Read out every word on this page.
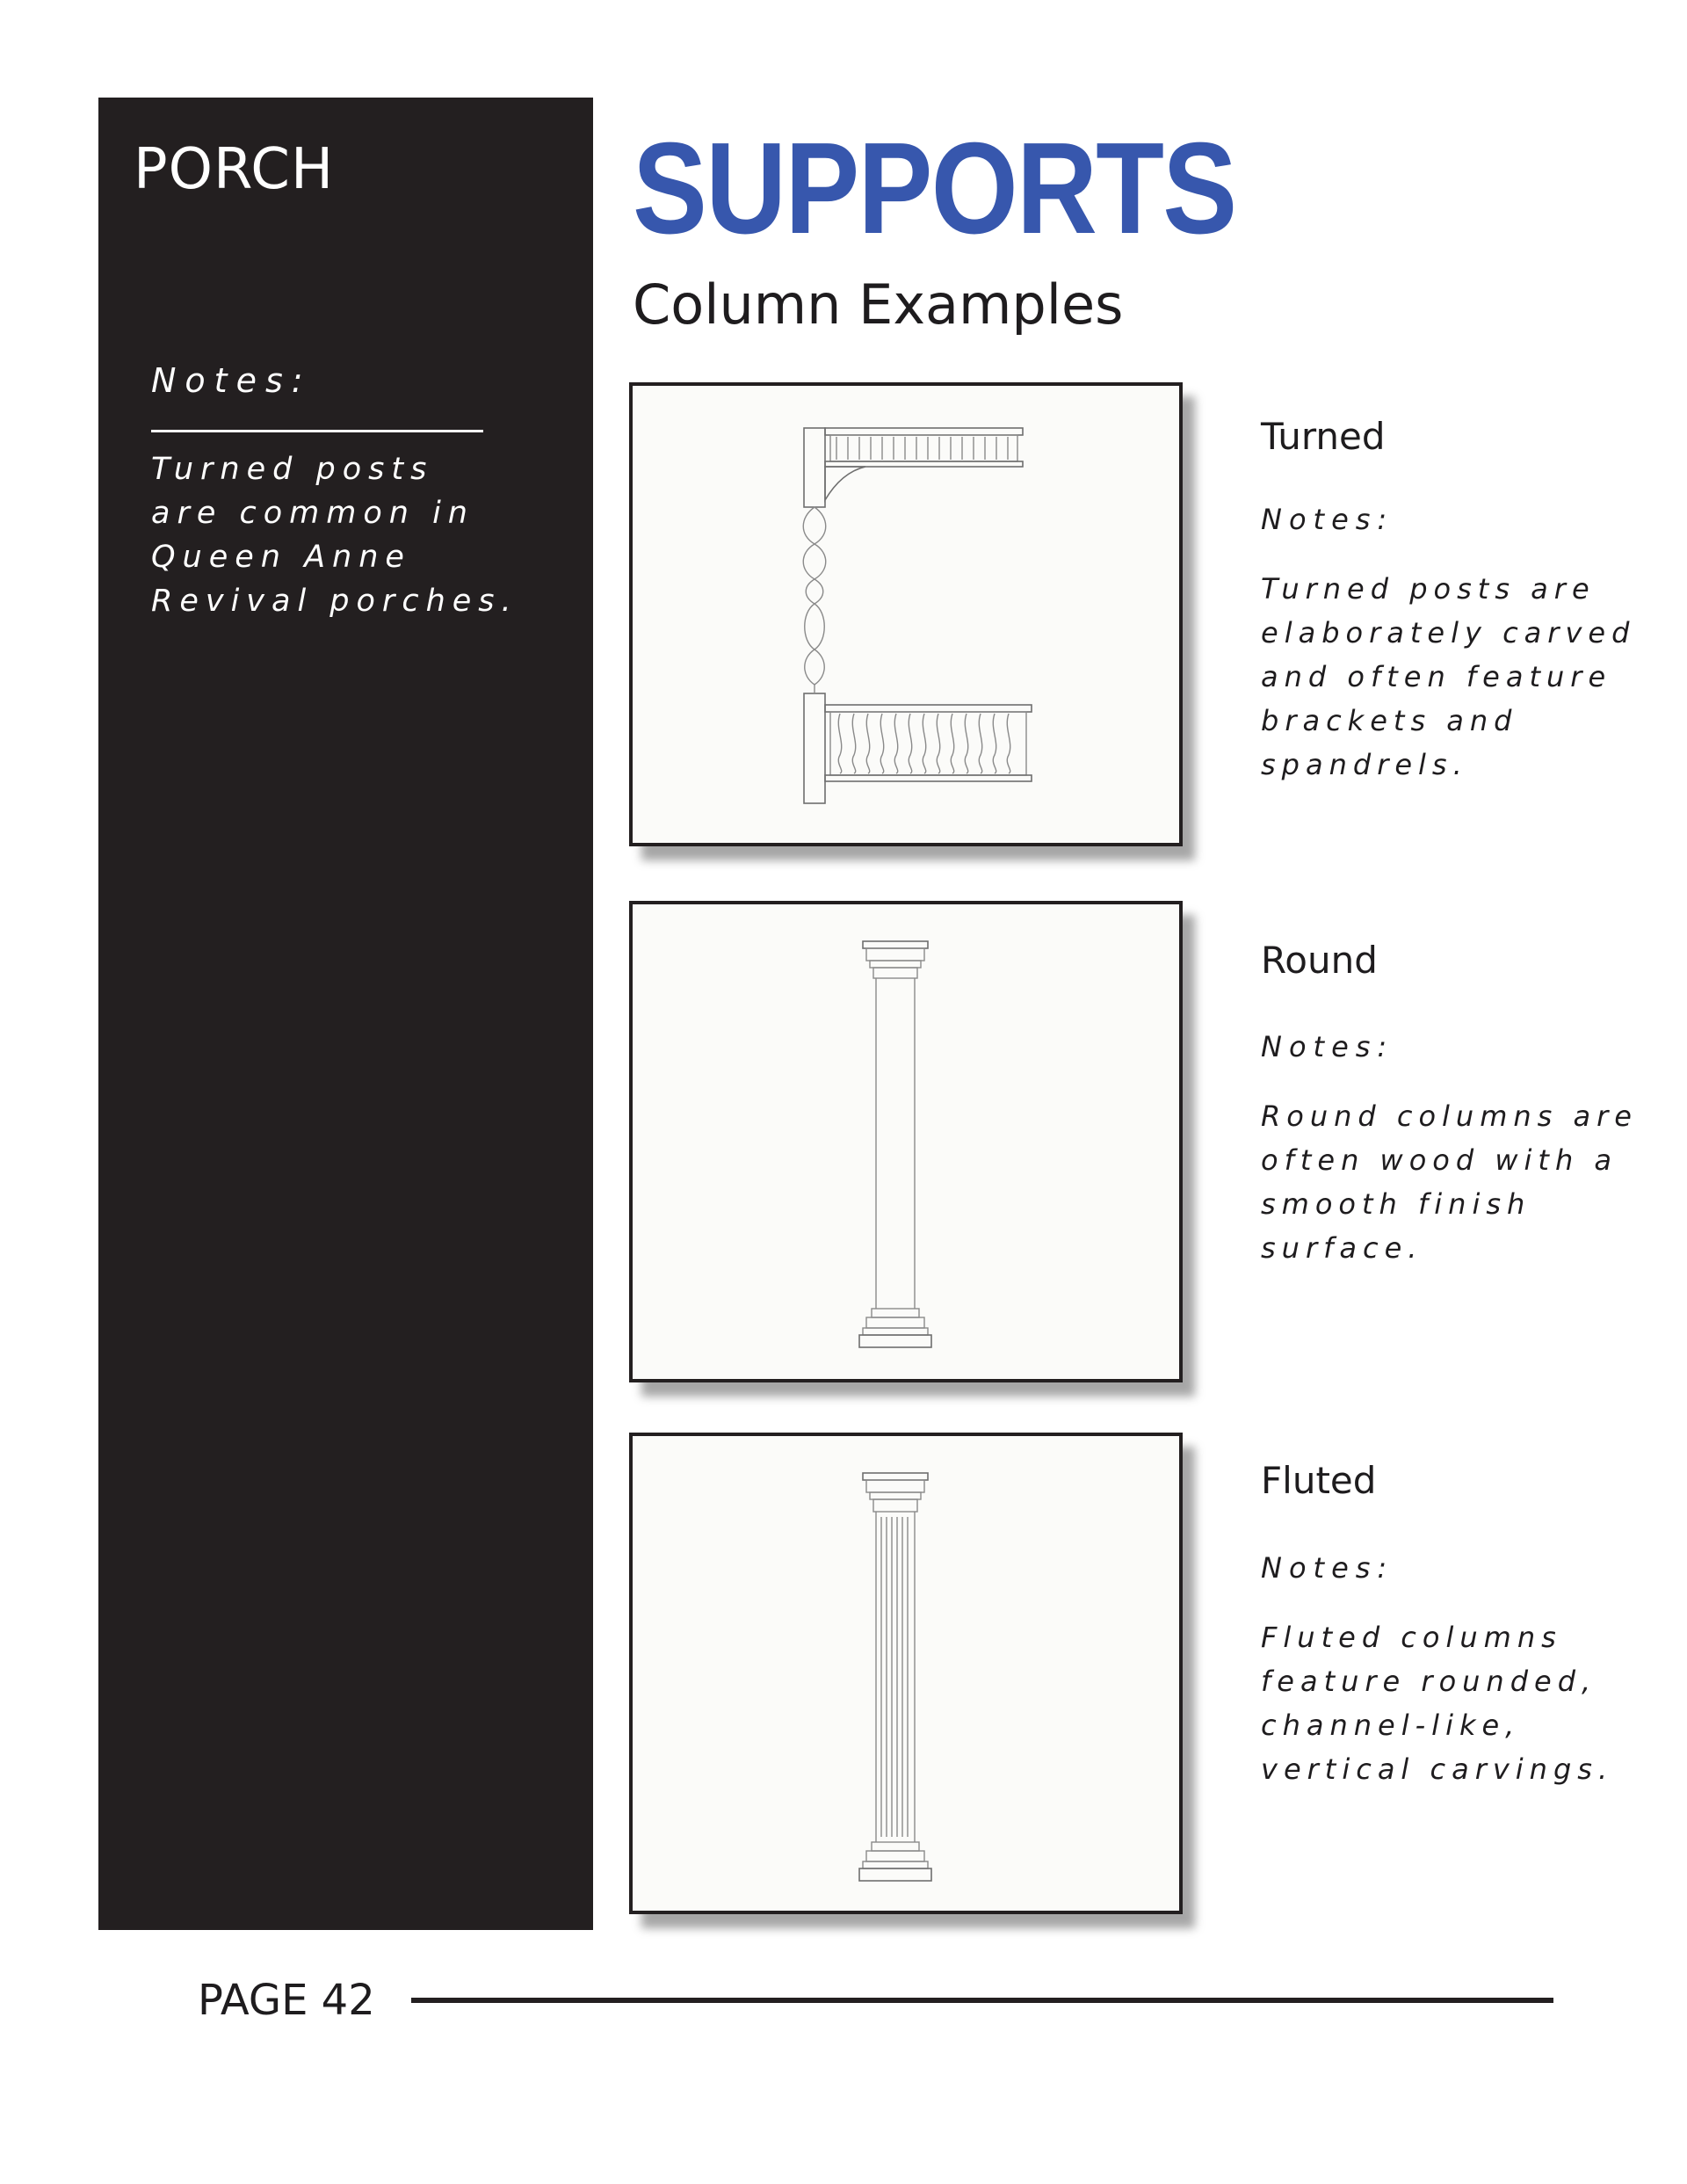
PORCH
Notes:
Turned posts are common in Queen Anne Revival porches.
SUPPORTS
Column Examples
Turned
Notes:
Turned posts are elaborately carved and often feature brackets and spandrels.
Round
Notes:
Round columns are often wood with a smooth finish surface.
Fluted
Notes:
Fluted columns feature rounded, channel-like, vertical carvings.
PAGE 42
